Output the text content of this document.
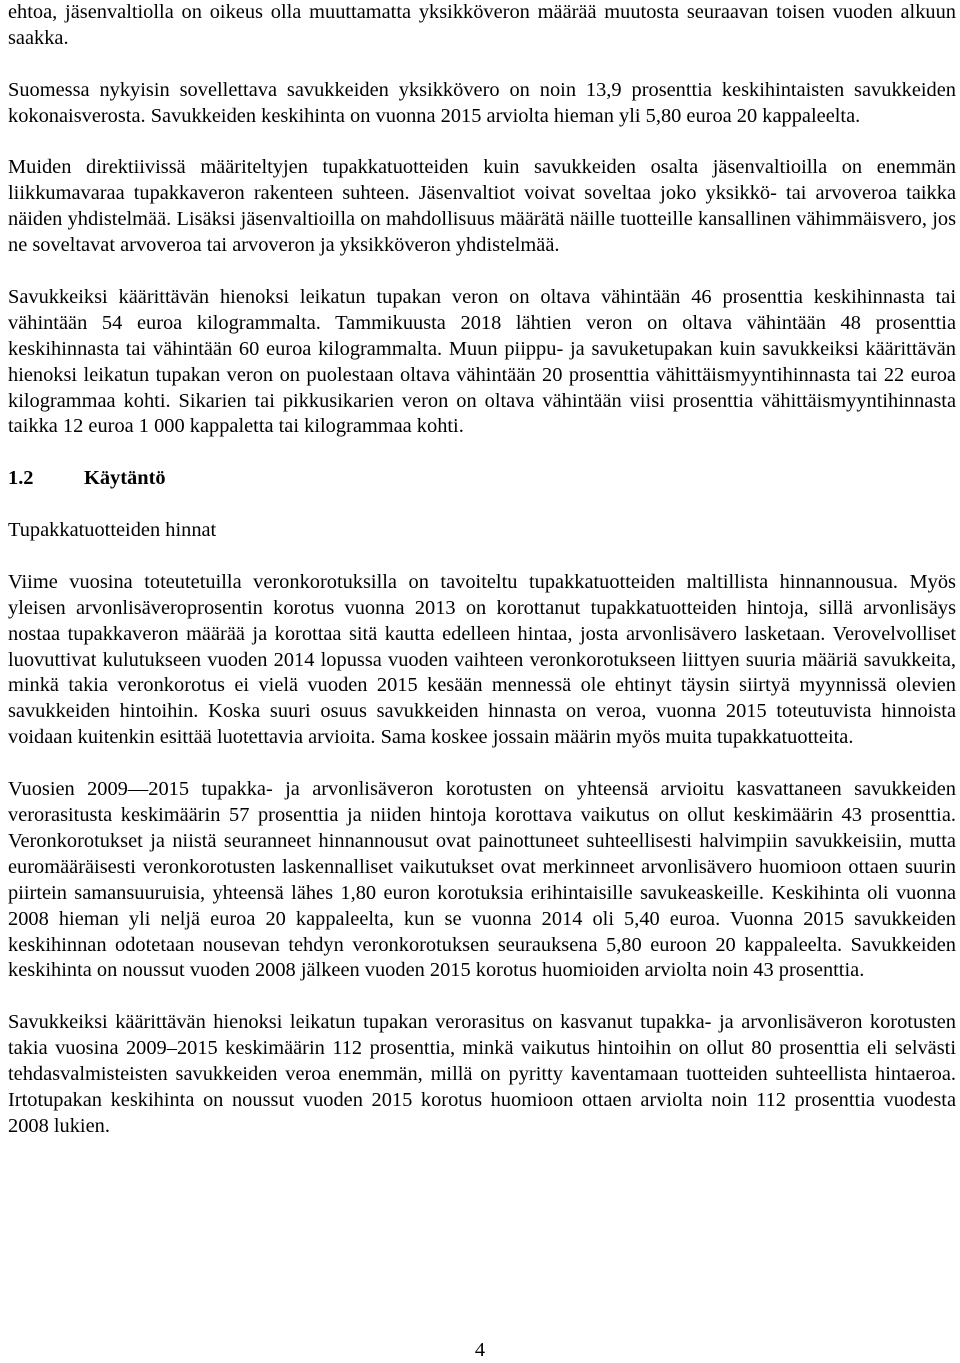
ehtoa, jäsenvaltiolla on oikeus olla muuttamatta yksikköveron määrää muutosta seuraavan toisen vuoden alkuun saakka.

Suomessa nykyisin sovellettava savukkeiden yksikkövero on noin 13,9 prosenttia keskihintaisten savukkeiden kokonaisverosta. Savukkeiden keskihinta on vuonna 2015 arviolta hieman yli 5,80 euroa 20 kappaleelta.

Muiden direktiivissä määriteltyjen tupakkatuotteiden kuin savukkeiden osalta jäsenvaltioilla on enemmän liikkumavaraa tupakkaveron rakenteen suhteen. Jäsenvaltiot voivat soveltaa joko yksikkö- tai arvoveroa taikka näiden yhdistelmää. Lisäksi jäsenvaltioilla on mahdollisuus määrätä näille tuotteille kansallinen vähimmäisvero, jos ne soveltavat arvoveroa tai arvoveron ja yksikköveron yhdistelmää.

Savukkeiksi käärittävän hienoksi leikatun tupakan veron on oltava vähintään 46 prosenttia keskihinnasta tai vähintään 54 euroa kilogrammalta. Tammikuusta 2018 lähtien veron on oltava vähintään 48 prosenttia keskihinnasta tai vähintään 60 euroa kilogrammalta. Muun piippu- ja savuketupakan kuin savukkeiksi käärittävän hienoksi leikatun tupakan veron on puolestaan oltava vähintään 20 prosenttia vähittäismyyntihinnasta tai 22 euroa kilogrammaa kohti. Sikarien tai pikkusikarien veron on oltava vähintään viisi prosenttia vähittäismyyntihinnasta taikka 12 euroa 1 000 kappaletta tai kilogrammaa kohti.

1.2 Käytäntö
Tupakkatuotteiden hinnat

Viime vuosina toteutetuilla veronkorotuksilla on tavoiteltu tupakkatuotteiden maltillista hinnannousua. Myös yleisen arvonlisäveroprosentin korotus vuonna 2013 on korottanut tupakkatuotteiden hintoja, sillä arvonlisäys nostaa tupakkaveron määrää ja korottaa sitä kautta edelleen hintaa, josta arvonlisävero lasketaan. Verovelvolliset luovuttivat kulutukseen vuoden 2014 lopussa vuoden vaihteen veronkorotukseen liittyen suuria määriä savukkeita, minkä takia veronkorotus ei vielä vuoden 2015 kesään mennessä ole ehtinyt täysin siirtyä myynnissä olevien savukkeiden hintoihin. Koska suuri osuus savukkeiden hinnasta on veroa, vuonna 2015 toteutuvista hinnoista voidaan kuitenkin esittää luotettavia arvioita. Sama koskee jossain määrin myös muita tupakkatuotteita.

Vuosien 2009—2015 tupakka- ja arvonlisäveron korotusten on yhteensä arvioitu kasvattaneen savukkeiden verorasitusta keskimäärin 57 prosenttia ja niiden hintoja korottava vaikutus on ollut keskimäärin 43 prosenttia. Veronkorotukset ja niistä seuranneet hinnannousut ovat painottuneet suhteellisesti halvimpiin savukkeisiin, mutta euromääräisesti veronkorotusten laskennalliset vaikutukset ovat merkinneet arvonlisävero huomioon ottaen suurin piirtein samansuuruisia, yhteensä lähes 1,80 euron korotuksia erihintaisille savukeaskeille. Keskihinta oli vuonna 2008 hieman yli neljä euroa 20 kappaleelta, kun se vuonna 2014 oli 5,40 euroa. Vuonna 2015 savukkeiden keskihinnan odotetaan nousevan tehdyn veronkorotuksen seurauksena 5,80 euroon 20 kappaleelta. Savukkeiden keskihinta on noussut vuoden 2008 jälkeen vuoden 2015 korotus huomioiden arviolta noin 43 prosenttia.

Savukkeiksi käärittävän hienoksi leikatun tupakan verorasitus on kasvanut tupakka- ja arvonlisäveron korotusten takia vuosina 2009–2015 keskimäärin 112 prosenttia, minkä vaikutus hintoihin on ollut 80 prosenttia eli selvästi tehdasvalmisteisten savukkeiden veroa enemmän, millä on pyritty kaventamaan tuotteiden suhteellista hintaeroa. Irtotupakan keskihinta on noussut vuoden 2015 korotus huomioon ottaen arviolta noin 112 prosenttia vuodesta 2008 lukien.

4
